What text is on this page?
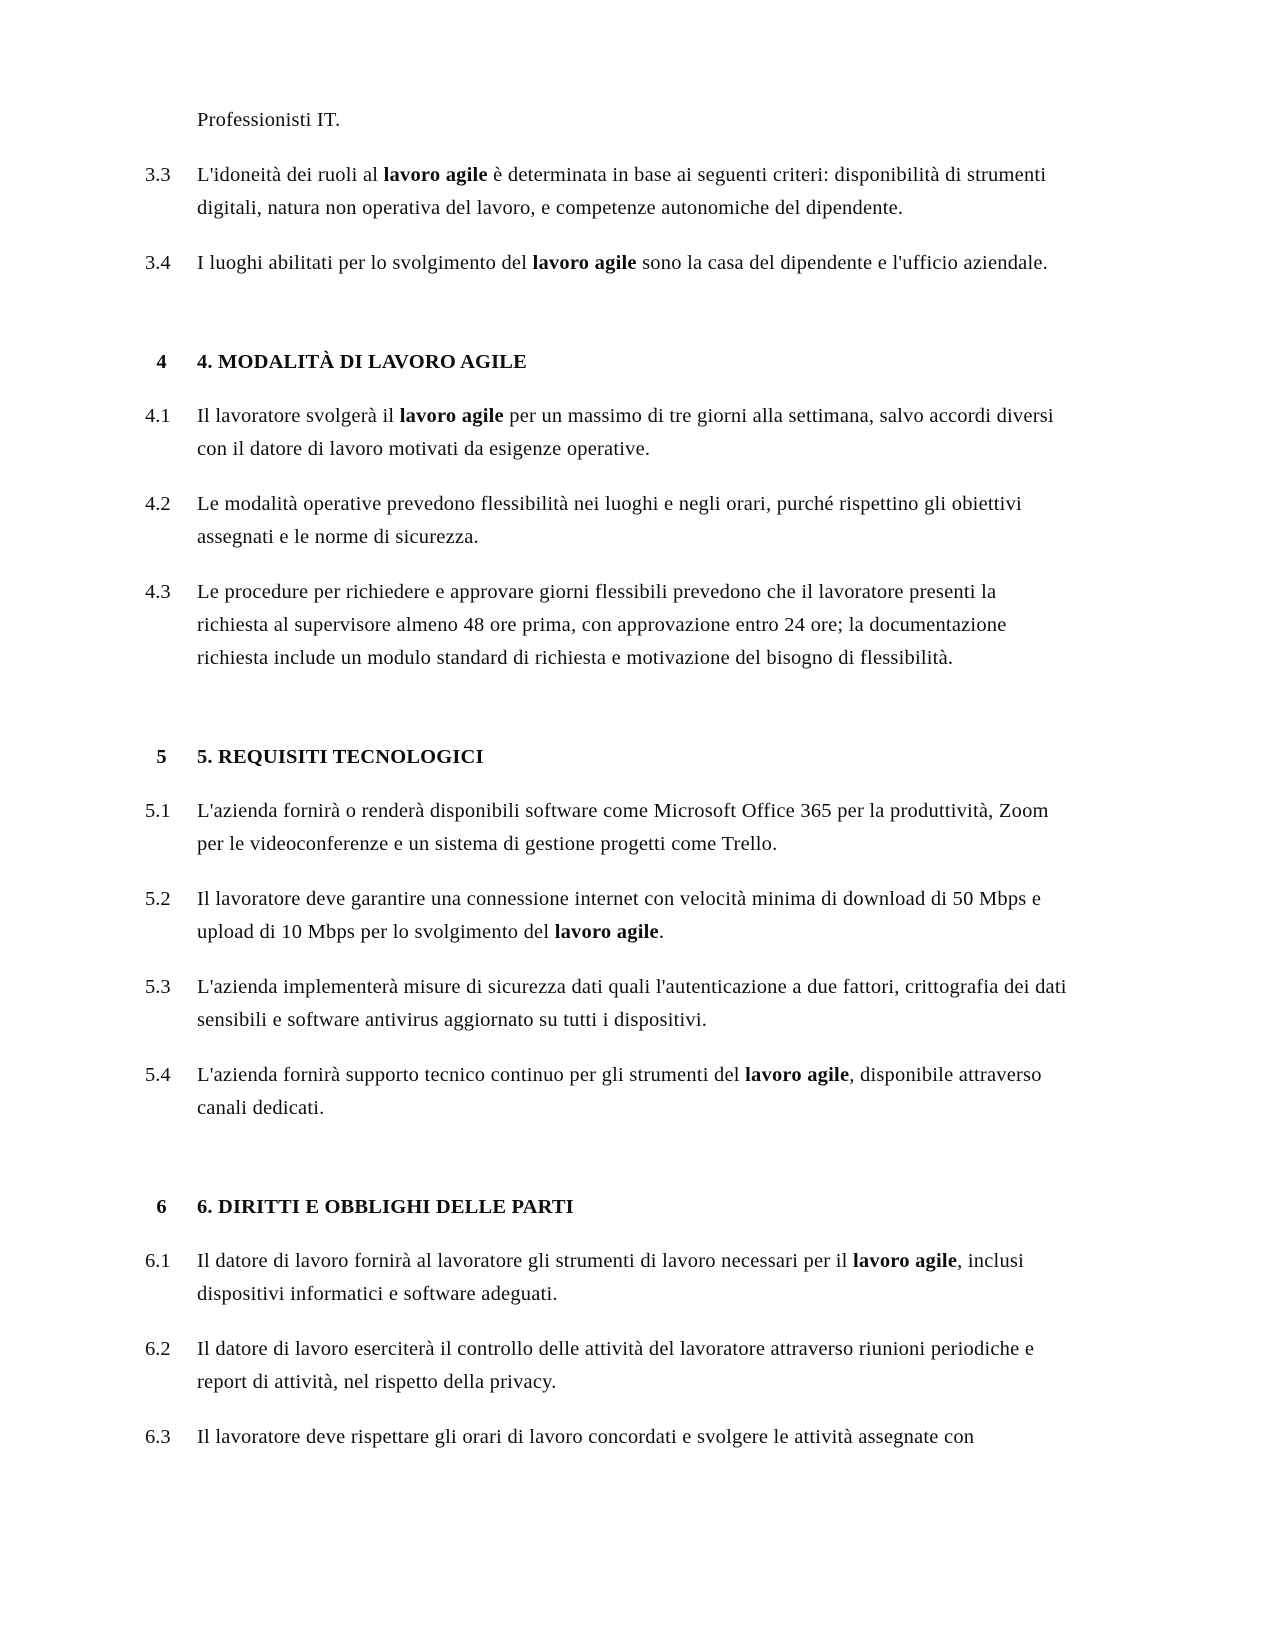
Professionisti IT.
3.3	L'idoneità dei ruoli al lavoro agile è determinata in base ai seguenti criteri: disponibilità di strumenti digitali, natura non operativa del lavoro, e competenze autonomiche del dipendente.
3.4	I luoghi abilitati per lo svolgimento del lavoro agile sono la casa del dipendente e l'ufficio aziendale.
4	4. MODALITÀ DI LAVORO AGILE
4.1	Il lavoratore svolgerà il lavoro agile per un massimo di tre giorni alla settimana, salvo accordi diversi con il datore di lavoro motivati da esigenze operative.
4.2	Le modalità operative prevedono flessibilità nei luoghi e negli orari, purché rispettino gli obiettivi assegnati e le norme di sicurezza.
4.3	Le procedure per richiedere e approvare giorni flessibili prevedono che il lavoratore presenti la richiesta al supervisore almeno 48 ore prima, con approvazione entro 24 ore; la documentazione richiesta include un modulo standard di richiesta e motivazione del bisogno di flessibilità.
5	5. REQUISITI TECNOLOGICI
5.1	L'azienda fornirà o renderà disponibili software come Microsoft Office 365 per la produttività, Zoom per le videoconferenze e un sistema di gestione progetti come Trello.
5.2	Il lavoratore deve garantire una connessione internet con velocità minima di download di 50 Mbps e upload di 10 Mbps per lo svolgimento del lavoro agile.
5.3	L'azienda implementerà misure di sicurezza dati quali l'autenticazione a due fattori, crittografia dei dati sensibili e software antivirus aggiornato su tutti i dispositivi.
5.4	L'azienda fornirà supporto tecnico continuo per gli strumenti del lavoro agile, disponibile attraverso canali dedicati.
6	6. DIRITTI E OBBLIGHI DELLE PARTI
6.1	Il datore di lavoro fornirà al lavoratore gli strumenti di lavoro necessari per il lavoro agile, inclusi dispositivi informatici e software adeguati.
6.2	Il datore di lavoro eserciterà il controllo delle attività del lavoratore attraverso riunioni periodiche e report di attività, nel rispetto della privacy.
6.3	Il lavoratore deve rispettare gli orari di lavoro concordati e svolgere le attività assegnate con
